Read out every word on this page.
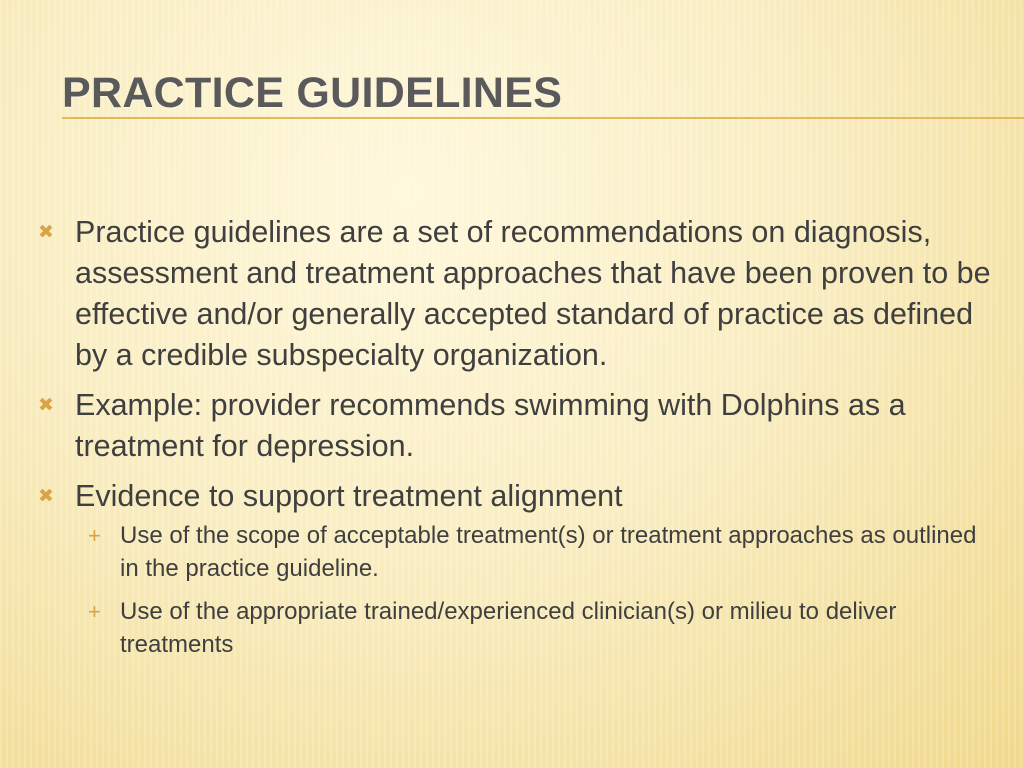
PRACTICE GUIDELINES
✖ Practice guidelines are a set of recommendations on diagnosis, assessment and treatment approaches that have been proven to be effective and/or generally accepted standard of practice as defined by a credible subspecialty organization.
✖ Example: provider recommends swimming with Dolphins as a treatment for depression.
✖ Evidence to support treatment alignment
+ Use of the scope of acceptable treatment(s) or treatment approaches as outlined in the practice guideline.
+ Use of the appropriate trained/experienced clinician(s) or milieu to deliver treatments
